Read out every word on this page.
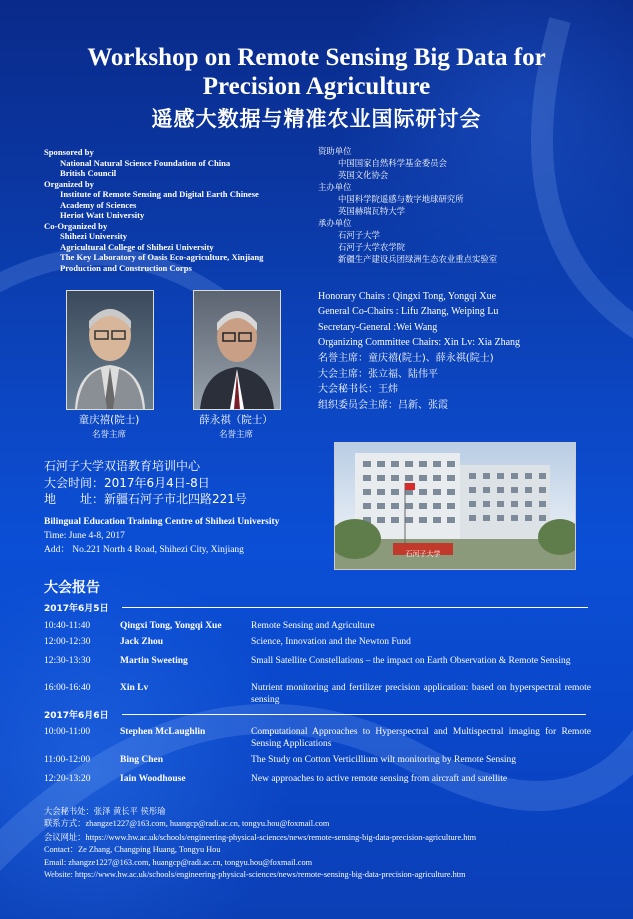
Workshop on Remote Sensing Big Data for
Precision Agriculture
遥感大数据与精准农业国际研讨会
Sponsored by
National Natural Science Foundation of China
British Council
Organized by
Institute of Remote Sensing and Digital Earth Chinese
Academy of Sciences
Heriot Watt University
Co-Organized by
Shihezi University
Agricultural College of Shihezi University
The Key Laboratory of Oasis Eco-agriculture, Xinjiang
Production and Construction Corps
资助单位
中国国家自然科学基金委员会
英国文化协会
主办单位
中国科学院遥感与数字地球研究所
英国赫瑞瓦特大学
承办单位
石河子大学
石河子大学农学院
新疆生产建设兵团绿洲生态农业重点实验室
童庆禧(院士)
名誉主席
薛永祺（院士）
名誉主席
Honorary Chairs : Qingxi Tong, Yongqi Xue
General Co-Chairs : Lifu Zhang, Weiping Lu
Secretary-General :Wei Wang
Organizing Committee Chairs: Xin Lv: Xia Zhang
名誉主席：童庆禧(院士)、薛永祺(院士)
大会主席：张立福、陆伟平
大会秘书长：王炜
组织委员会主席：吕新、张霞
石河子大学双语教育培训中心
大会时间：2017年6月4日-8日
地　　址：新疆石河子市北四路221号
Bilingual Education Training Centre of Shihezi University
Time: June 4-8, 2017
Add： No.221 North 4 Road, Shihezi City, Xinjiang	石河子大学
大会报告
2017年6月5日
10:40-11:40	Qingxi Tong, Yongqi Xue	Remote Sensing and Agriculture
12:00-12:30	Jack Zhou	Science, Innovation and the Newton Fund
12:30-13:30	Martin Sweeting	Small Satellite Constellations – the impact on Earth Observation & Remote Sensing
16:00-16:40	Xin Lv	Nutrient monitoring and fertilizer precision application: based on hyperspectral remote sensing
2017年6月6日
10:00-11:00	Stephen McLaughlin	Computational Approaches to Hyperspectral and Multispectral imaging for Remote Sensing Applications
11:00-12:00	Bing Chen	The Study on Cotton Verticillium wilt monitoring by Remote Sensing
12:20-13:20	Iain Woodhouse	New approaches to active remote sensing from aircraft and satellite
大会秘书处：张泽 黄长平 侯彤瑜
联系方式：zhangze1227@163.com, huangcp@radi.ac.cn, tongyu.hou@foxmail.com
会议网址：https://www.hw.ac.uk/schools/engineering-physical-sciences/news/remote-sensing-big-data-precision-agriculture.htm
Contact：Ze Zhang, Changping Huang, Tongyu Hou
Email: zhangze1227@163.com, huangcp@radi.ac.cn, tongyu.hou@foxmail.com
Website: https://www.hw.ac.uk/schools/engineering-physical-sciences/news/remote-sensing-big-data-precision-agriculture.htm
